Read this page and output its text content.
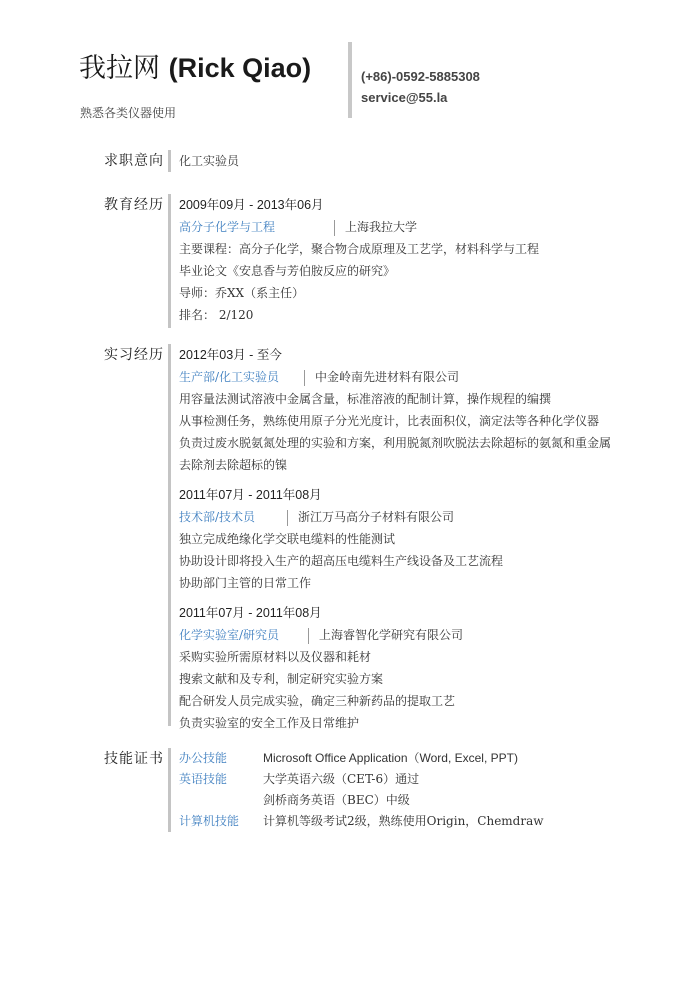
我拉网 (Rick Qiao)
熟悉各类仪器使用
(+86)-0592-5885308
service@55.la
求职意向 化工实验员
教育经历 2009年09月 - 2013年06月
高分子化学与工程	上海我拉大学
主要课程：高分子化学，聚合物合成原理及工艺学，材料科学与工程
毕业论文《安息香与芳伯胺反应的研究》
导师：乔XX（系主任）
排名： 2/120
实习经历 2012年03月 - 至今
生产部/化工实验员	中金岭南先进材料有限公司
用容量法测试溶液中金属含量，标准溶液的配制计算，操作规程的编撰
从事检测任务，熟练使用原子分光光度计，比表面积仪，滴定法等各种化学仪器
负责过废水脱氨氮处理的实验和方案，利用脱氮剂吹脱法去除超标的氨氮和重金属
去除剂去除超标的镍
2011年07月 - 2011年08月
技术部/技术员	浙江万马高分子材料有限公司
独立完成绝缘化学交联电缆料的性能测试
协助设计即将投入生产的超高压电缆料生产线设备及工艺流程
协助部门主管的日常工作
2011年07月 - 2011年08月
化学实验室/研究员	上海睿智化学研究有限公司
采购实验所需原材料以及仪器和耗材
搜索文献和及专利，制定研究实验方案
配合研发人员完成实验，确定三种新药品的提取工艺
负责实验室的安全工作及日常维护
技能证书 办公技能	Microsoft Office Application（Word, Excel, PPT)
英语技能	大学英语六级（CET-6）通过
剑桥商务英语（BEC）中级
计算机技能 计算机等级考试2级，熟练使用Origin，Chemdraw
